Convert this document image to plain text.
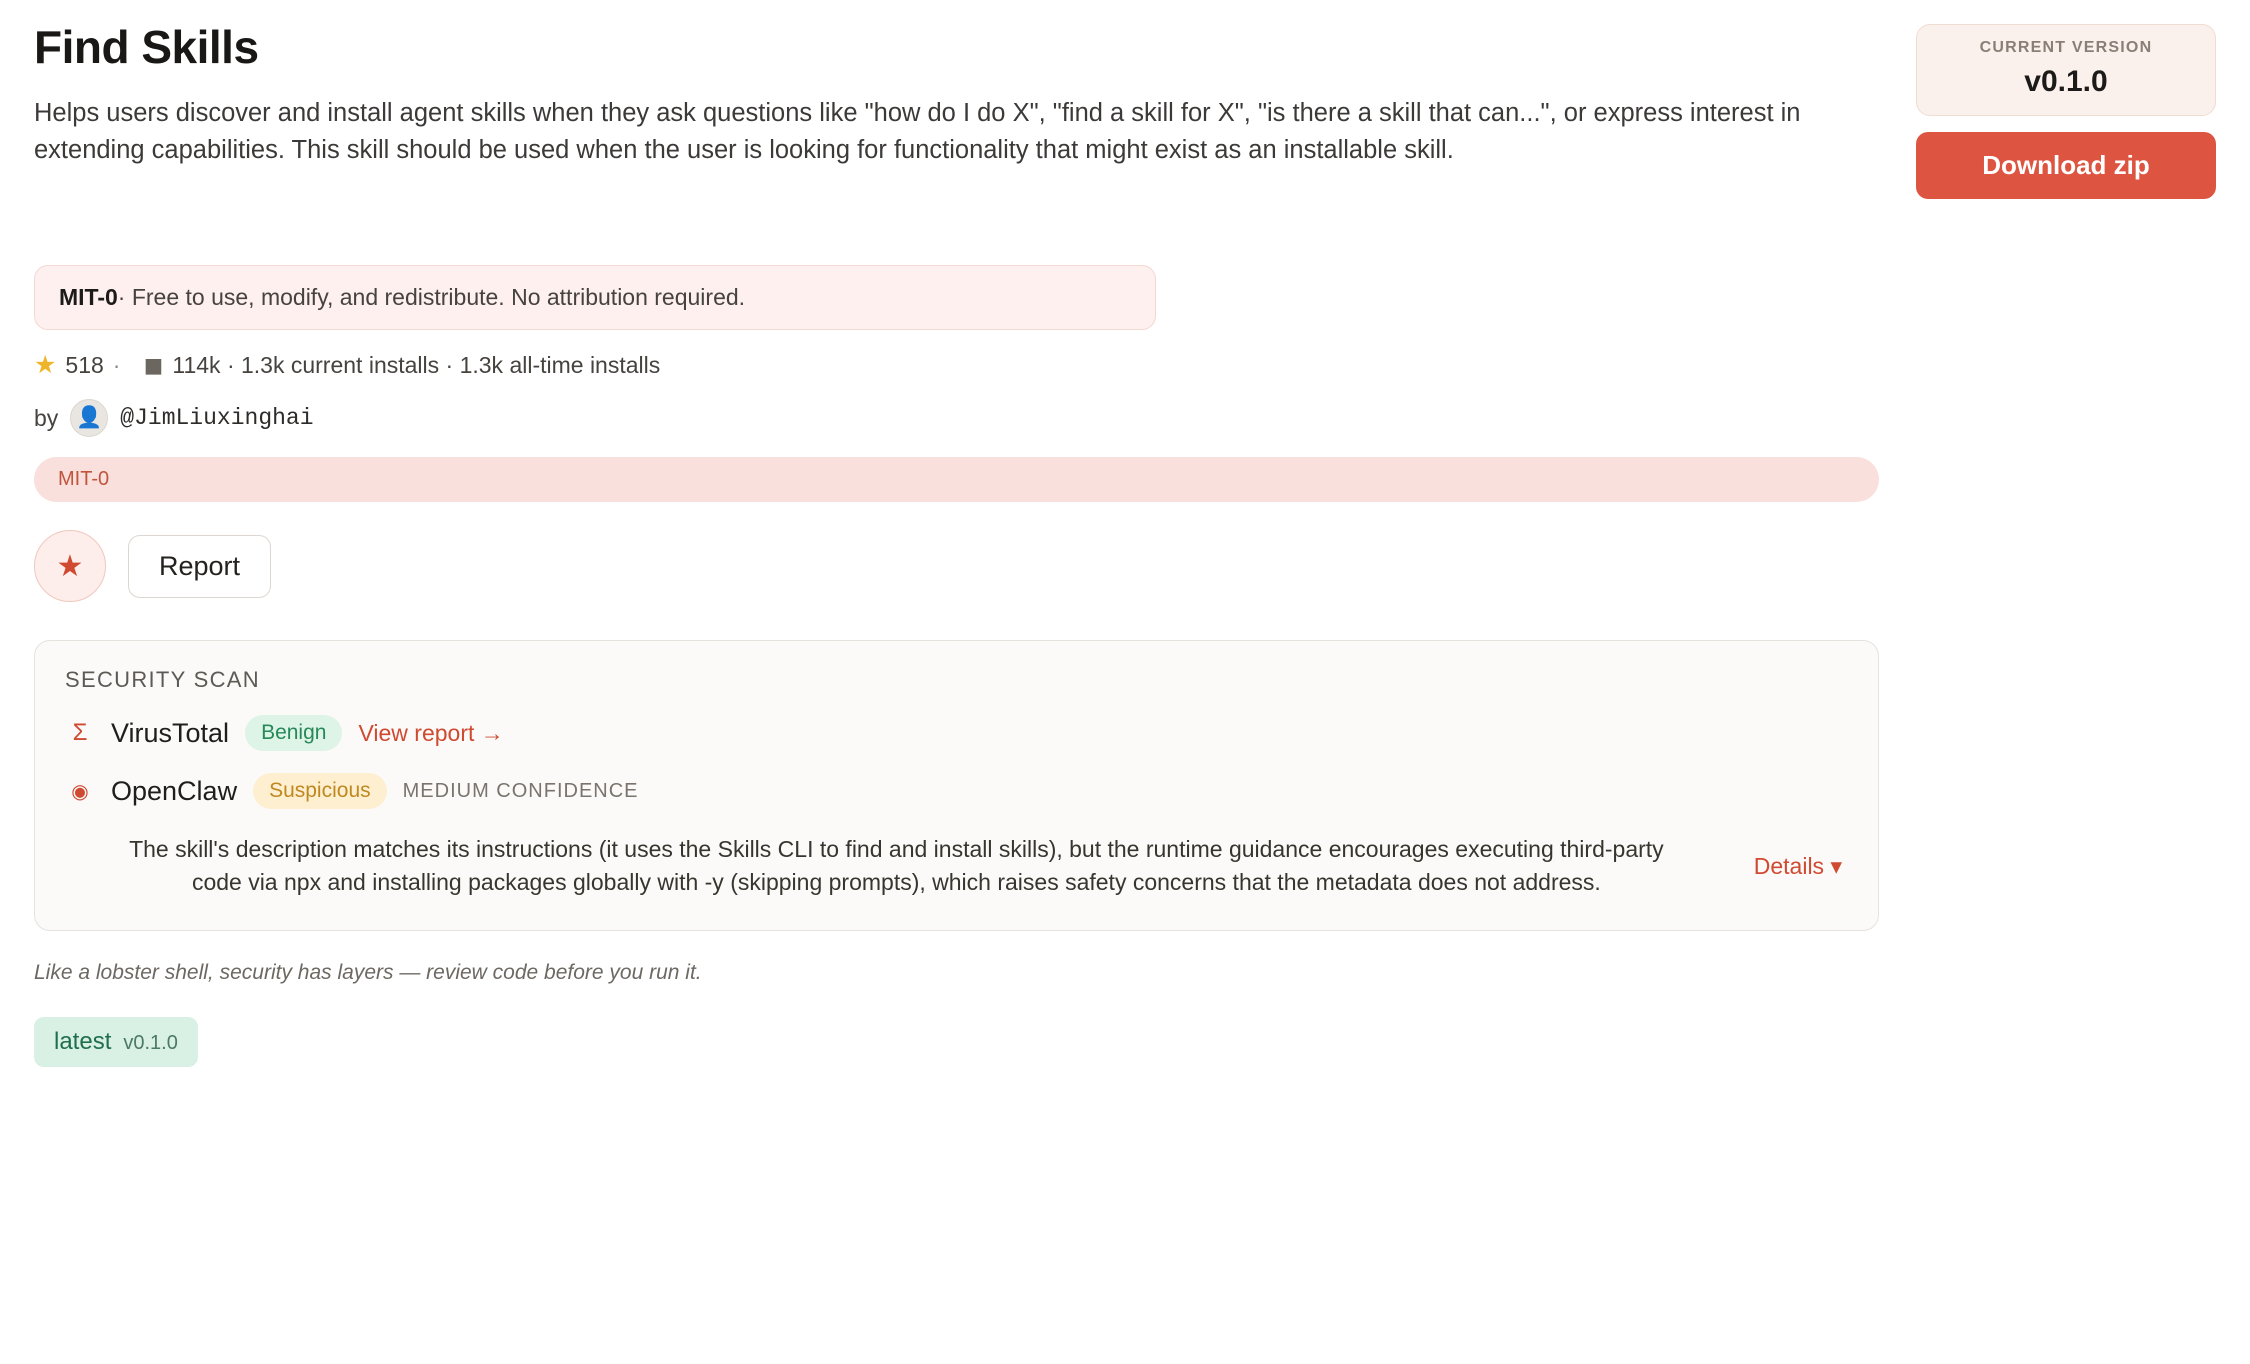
Find Skills

Helps users discover and install agent skills when they ask questions like "how do I do X", "find a skill for X", "is there a skill that can...", or express interest in extending capabilities. This skill should be used when the user is looking for functionality that might exist as an installable skill.

CURRENT VERSION
v0.1.0
Download zip
MIT-0 · Free to use, modify, and redistribute. No attribution required.
★ 518 · ◼ 114k · 1.3k current installs · 1.3k all-time installs
by 👤 @JimLiuxinghai
MIT-0
★	Report
SECURITY SCAN
Σ VirusTotal	Benign	View report →
◉ OpenClaw	Suspicious	MEDIUM CONFIDENCE
The skill's description matches its instructions (it uses the Skills CLI to find and install skills), but the runtime guidance encourages executing third-party code via npx and installing packages globally with -y (skipping prompts), which raises safety concerns that the metadata does not address.
Details ▾
Like a lobster shell, security has layers — review code before you run it.
latest v0.1.0
